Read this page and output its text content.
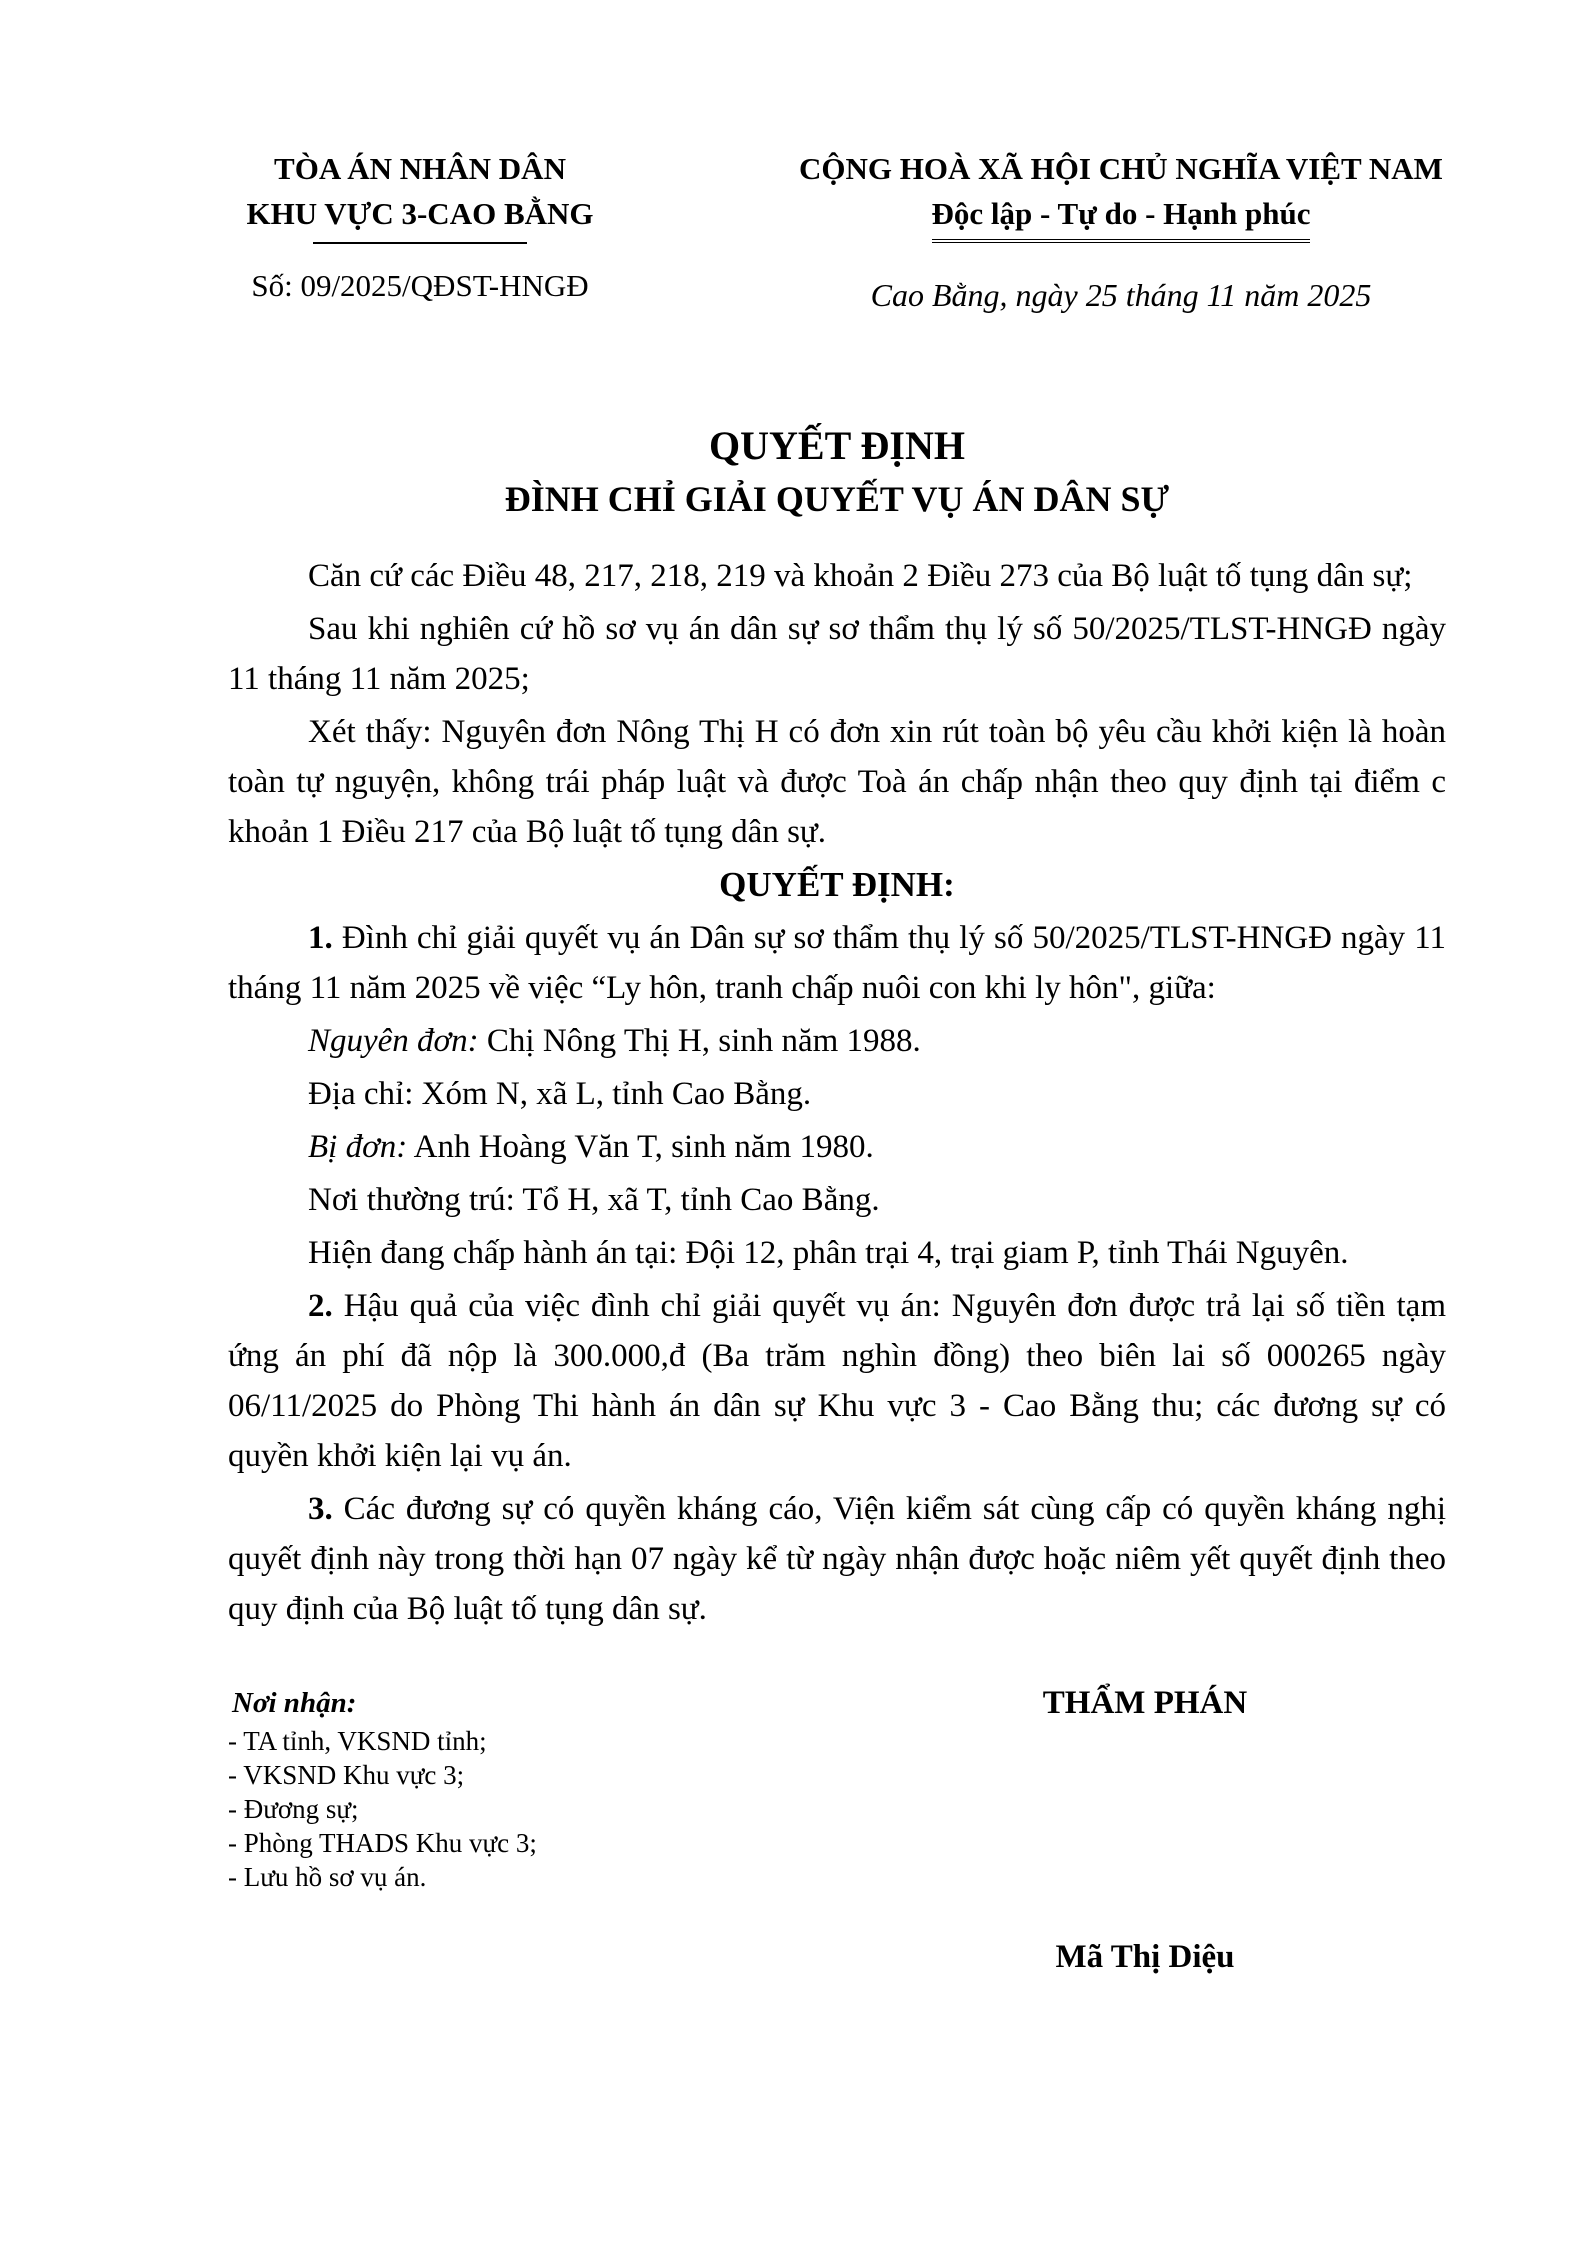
TÒA ÁN NHÂN DÂN
KHU VỰC 3-CAO BẰNG
Số: 09/2025/QĐST-HNGĐ
CỘNG HOÀ XÃ HỘI CHỦ NGHĨA VIỆT NAM
Độc lập - Tự do - Hạnh phúc
Cao Bằng, ngày 25 tháng 11 năm 2025
QUYẾT ĐỊNH
ĐÌNH CHỈ GIẢI QUYẾT VỤ ÁN DÂN SỰ

Căn cứ các Điều 48, 217, 218, 219 và khoản 2 Điều 273 của Bộ luật tố tụng dân sự;

Sau khi nghiên cứ hồ sơ vụ án dân sự sơ thẩm thụ lý số 50/2025/TLST-HNGĐ ngày 11 tháng 11 năm 2025;

Xét thấy: Nguyên đơn Nông Thị H có đơn xin rút toàn bộ yêu cầu khởi kiện là hoàn toàn tự nguyện, không trái pháp luật và được Toà án chấp nhận theo quy định tại điểm c khoản 1 Điều 217 của Bộ luật tố tụng dân sự.

QUYẾT ĐỊNH:

1. Đình chỉ giải quyết vụ án Dân sự sơ thẩm thụ lý số 50/2025/TLST-HNGĐ ngày 11 tháng 11 năm 2025 về việc “Ly hôn, tranh chấp nuôi con khi ly hôn", giữa:

Nguyên đơn: Chị Nông Thị H, sinh năm 1988.

Địa chỉ: Xóm N, xã L, tỉnh Cao Bằng.

Bị đơn: Anh Hoàng Văn T, sinh năm 1980.

Nơi thường trú: Tổ H, xã T, tỉnh Cao Bằng.

Hiện đang chấp hành án tại: Đội 12, phân trại 4, trại giam P, tỉnh Thái Nguyên.

2. Hậu quả của việc đình chỉ giải quyết vụ án: Nguyên đơn được trả lại số tiền tạm ứng án phí đã nộp là 300.000,đ (Ba trăm nghìn đồng) theo biên lai số 000265 ngày 06/11/2025 do Phòng Thi hành án dân sự Khu vực 3 - Cao Bằng thu; các đương sự có quyền khởi kiện lại vụ án.

3. Các đương sự có quyền kháng cáo, Viện kiểm sát cùng cấp có quyền kháng nghị quyết định này trong thời hạn 07 ngày kể từ ngày nhận được hoặc niêm yết quyết định theo quy định của Bộ luật tố tụng dân sự.

Nơi nhận:
- TA tỉnh, VKSND tỉnh;
- VKSND Khu vực 3;
- Đương sự;
- Phòng THADS Khu vực 3;
- Lưu hồ sơ vụ án.
THẨM PHÁN
Mã Thị Diệu
